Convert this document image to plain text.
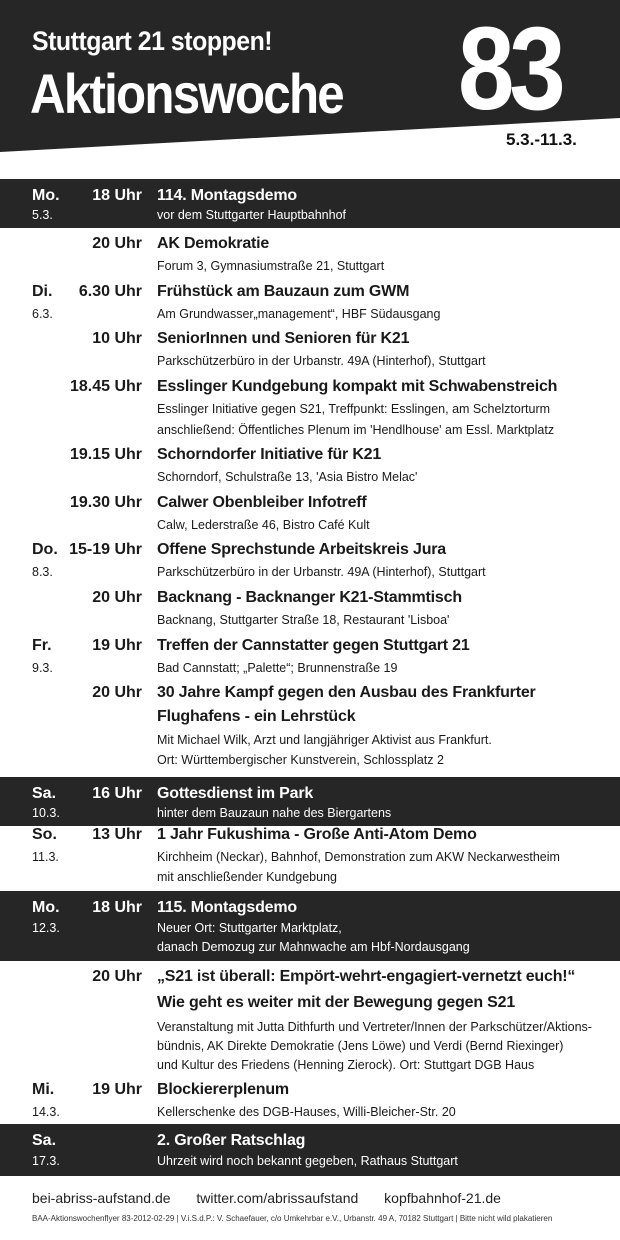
Stuttgart 21 stoppen!
Aktionswoche 83
5.3.-11.3.
Mo.
5.3.
18 Uhr 114. Montagsdemo
vor dem Stuttgarter Hauptbahnhof
20 Uhr AK Demokratie
Forum 3, Gymnasiumstraße 21, Stuttgart
Di.
6.3.
6.30 Uhr Frühstück am Bauzaun zum GWM
Am Grundwasser„management“, HBF Südausgang
10 Uhr SeniorInnen und Senioren für K21
Parkschützerbüro in der Urbanstr. 49A (Hinterhof), Stuttgart
18.45 Uhr Esslinger Kundgebung kompakt mit Schwabenstreich
Esslinger Initiative gegen S21, Treffpunkt: Esslingen, am Schelztorturm
anschließend: Öffentliches Plenum im 'Hendlhouse' am Essl. Marktplatz
19.15 Uhr Schorndorfer Initiative für K21
Schorndorf, Schulstraße 13, 'Asia Bistro Melac'
19.30 Uhr Calwer Obenbleiber Infotreff
Calw, Lederstraße 46, Bistro Café Kult
Do.
8.3.
15-19 Uhr Offene Sprechstunde Arbeitskreis Jura
Parkschützerbüro in der Urbanstr. 49A (Hinterhof), Stuttgart
20 Uhr Backnang - Backnanger K21-Stammtisch
Backnang, Stuttgarter Straße 18, Restaurant 'Lisboa'
Fr.
9.3.
19 Uhr Treffen der Cannstatter gegen Stuttgart 21
Bad Cannstatt; „Palette“; Brunnenstraße 19
20 Uhr 30 Jahre Kampf gegen den Ausbau des Frankfurter
Flughafens - ein Lehrstück
Mit Michael Wilk, Arzt und langjähriger Aktivist aus Frankfurt.
Ort: Württembergischer Kunstverein, Schlossplatz 2
Sa.
10.3.
16 Uhr Gottesdienst im Park
hinter dem Bauzaun nahe des Biergartens
So.
11.3.
13 Uhr 1 Jahr Fukushima - Große Anti-Atom Demo
Kirchheim (Neckar), Bahnhof, Demonstration zum AKW Neckarwestheim
mit anschließender Kundgebung
Mo.
12.3.
18 Uhr 115. Montagsdemo
Neuer Ort: Stuttgarter Marktplatz,
danach Demozug zur Mahnwache am Hbf-Nordausgang
20 Uhr „S21 ist überall: Empört-wehrt-engagiert-vernetzt euch!“
Wie geht es weiter mit der Bewegung gegen S21
Veranstaltung mit Jutta Dithfurth und Vertreter/Innen der Parkschützer/Aktions-
bündnis, AK Direkte Demokratie (Jens Löwe) und Verdi (Bernd Riexinger)
und Kultur des Friedens (Henning Zierock). Ort: Stuttgart DGB Haus
Mi.
14.3.
19 Uhr Blockiererplenum
Kellerschenke des DGB-Hauses, Willi-Bleicher-Str. 20
Sa.
17.3.
2. Großer Ratschlag
Uhrzeit wird noch bekannt gegeben, Rathaus Stuttgart
bei-abriss-aufstand.de twitter.com/abrissaufstand kopfbahnhof-21.de
BAA-Aktionswochenflyer 83-2012-02-29 | V.i.S.d.P.: V. Schaefauer, c/o Umkehrbar e.V., Urbanstr. 49 A, 70182 Stuttgart | Bitte nicht wild plakatieren
